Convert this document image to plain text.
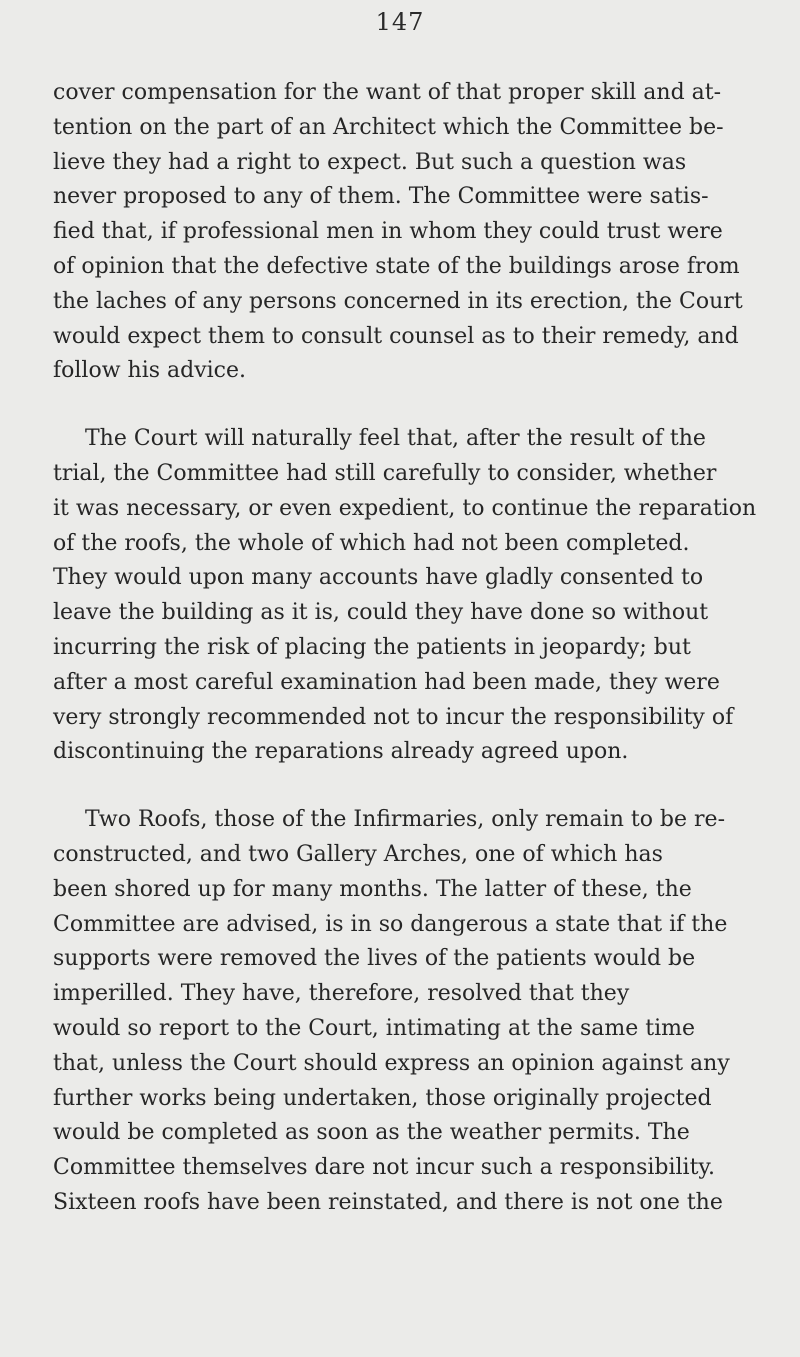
147

cover compensation for the want of that proper skill and at-
tention on the part of an Architect which the Committee be-
lieve they had a right to expect. But such a question was
never proposed to any of them. The Committee were satis-
fied that, if professional men in whom they could trust were
of opinion that the defective state of the buildings arose from
the laches of any persons concerned in its erection, the Court
would expect them to consult counsel as to their remedy, and
follow his advice.

The Court will naturally feel that, after the result of the
trial, the Committee had still carefully to consider, whether
it was necessary, or even expedient, to continue the reparation
of the roofs, the whole of which had not been completed.
They would upon many accounts have gladly consented to
leave the building as it is, could they have done so without
incurring the risk of placing the patients in jeopardy; but
after a most careful examination had been made, they were
very strongly recommended not to incur the responsibility of
discontinuing the reparations already agreed upon.

Two Roofs, those of the Infirmaries, only remain to be re-
constructed, and two Gallery Arches, one of which has
been shored up for many months. The latter of these, the
Committee are advised, is in so dangerous a state that if the
supports were removed the lives of the patients would be
imperilled. They have, therefore, resolved that they
would so report to the Court, intimating at the same time
that, unless the Court should express an opinion against any
further works being undertaken, those originally projected
would be completed as soon as the weather permits. The
Committee themselves dare not incur such a responsibility.
Sixteen roofs have been reinstated, and there is not one the
